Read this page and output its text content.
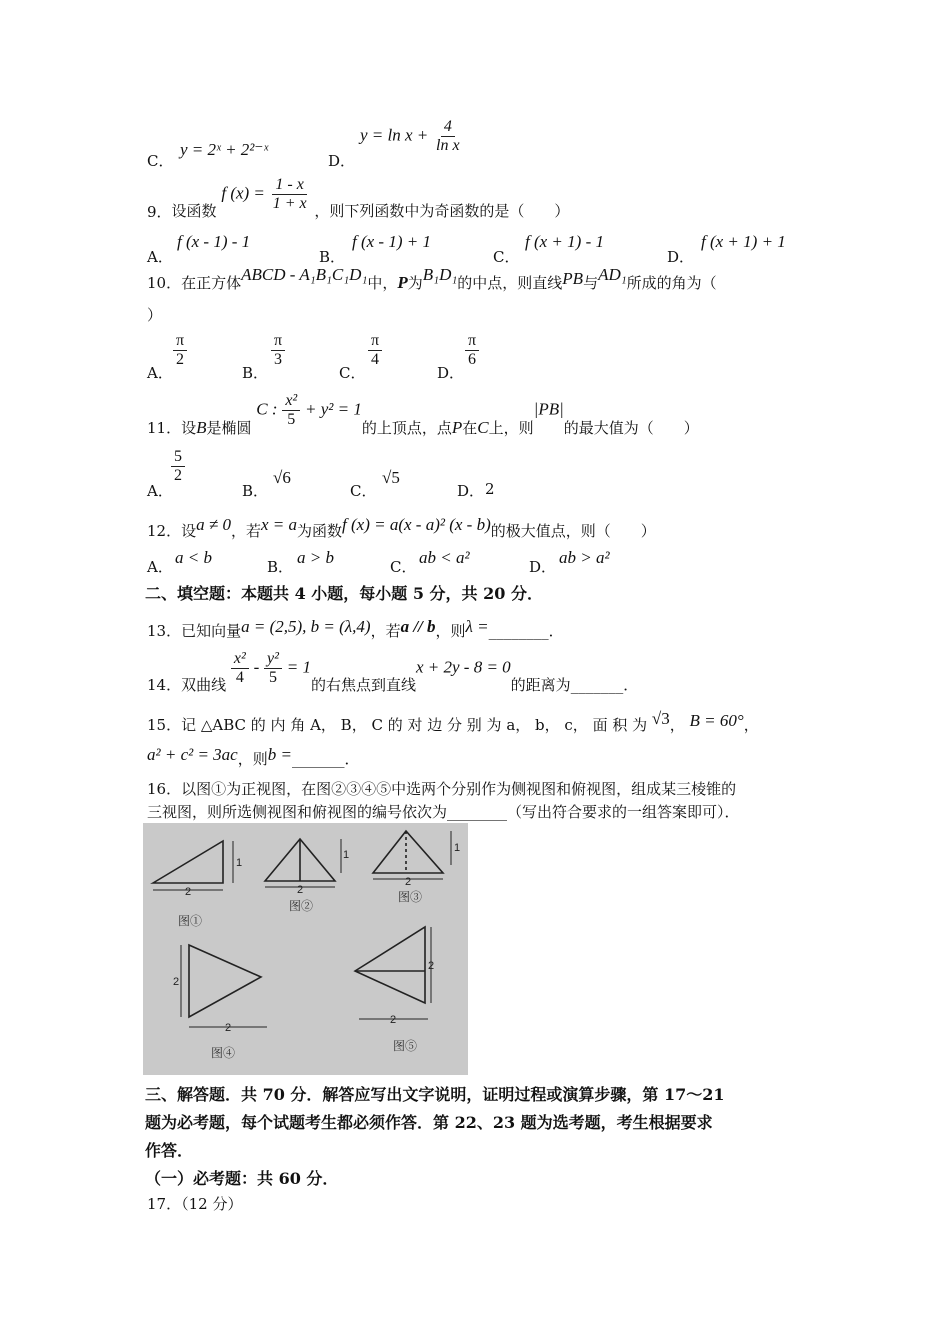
C．
y = 2ˣ + 2²⁻ˣ
D．
$y = \ln x + \frac{4}{\text{ln x}}$
9．设函数 f $(x) = \frac{1 - x}{1 + x}$ ，则下列函数中为奇函数的是（　　）
A．
f (x - 1) - 1
B．
f (x - 1) + 1
C．
f (x + 1) - 1
D．
f (x + 1) + 1
10．在正方体ABCD - A₁B₁C₁D₁中，P为B₁D₁的中点，则直线PB与AD₁所成的角为（
）
A．
$\frac{\pi}{2}$
B．
$\frac{\pi}{3}$
C．
$\frac{\pi}{4}$
D．
$\frac{\pi}{6}$
11．设B是椭圆 C : $\frac{\text{x²}}{5} + y^2 = 1$的上顶点，点P在C上，则|PB|的最大值为（　　）
A．
$\frac{5}{2}$
B．
√6
C．
√5
D． 2
12．设a ≠ 0，若x = a为函数f (x) = a(x - a)² (x - b)的极大值点，则（　　）
A． a < b	B． a > b	C． ab < a²	D． ab > a²
二、填空题：本题共 4 小题，每小题 5 分，共 20 分．
13．已知向量a = (2,5), b = (λ,4)，若a // b，则λ =________．
14．双曲线 $\frac{\text{x²}}{4} - \frac{\text{y²}}{5} = 1$的右焦点到直线x + 2y - 8 = 0的距离为_______．
15．记 △ABC 的 内 角 A， B， C 的 对 边 分 别 为 a， b， c， 面 积 为 √3， B = 60°，
a² + c² = 3ac，则b =_______．
16．以图①为正视图，在图②③④⑤中选两个分别作为侧视图和俯视图，组成某三棱锥的
三视图，则所选侧视图和俯视图的编号依次为________（写出符合要求的一组答案即可）．
2
1
图①
2
1
图②
2
1
图③
2
2
图④
2
2
图⑤
三、解答题．共 70 分．解答应写出文字说明，证明过程或演算步骤，第 17～21
题为必考题，每个试题考生都必须作答．第 22、23 题为选考题，考生根据要求
作答．
（一）必考题：共 60 分．
17．（12 分）
